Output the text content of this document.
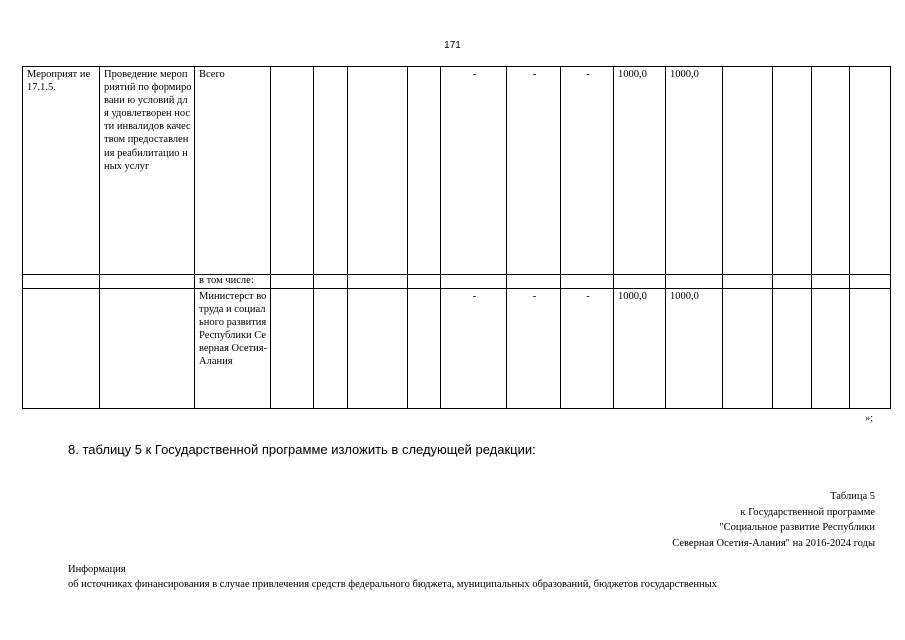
171
Мероприят ие 17.1.5.	Проведение мероприятий по формировани ю условий для удовлетворен ности инвалидов качеством предоставлен ия реабилитацио нных услуг	Всего					-	-	-	1000,0	1000,0				
		в том числе:													
		Министерст во труда и социального развития Республики Северная Осетия- Алания					-	-	-	1000,0	1000,0				
»;
8. таблицу 5 к Государственной программе изложить в следующей редакции:
Таблица 5
к Государственной программе
"Социальное развитие Республики
Северная Осетия-Алания" на 2016-2024 годы
Информация
об источниках финансирования в случае привлечения средств федерального бюджета, муниципальных образований, бюджетов государственных
